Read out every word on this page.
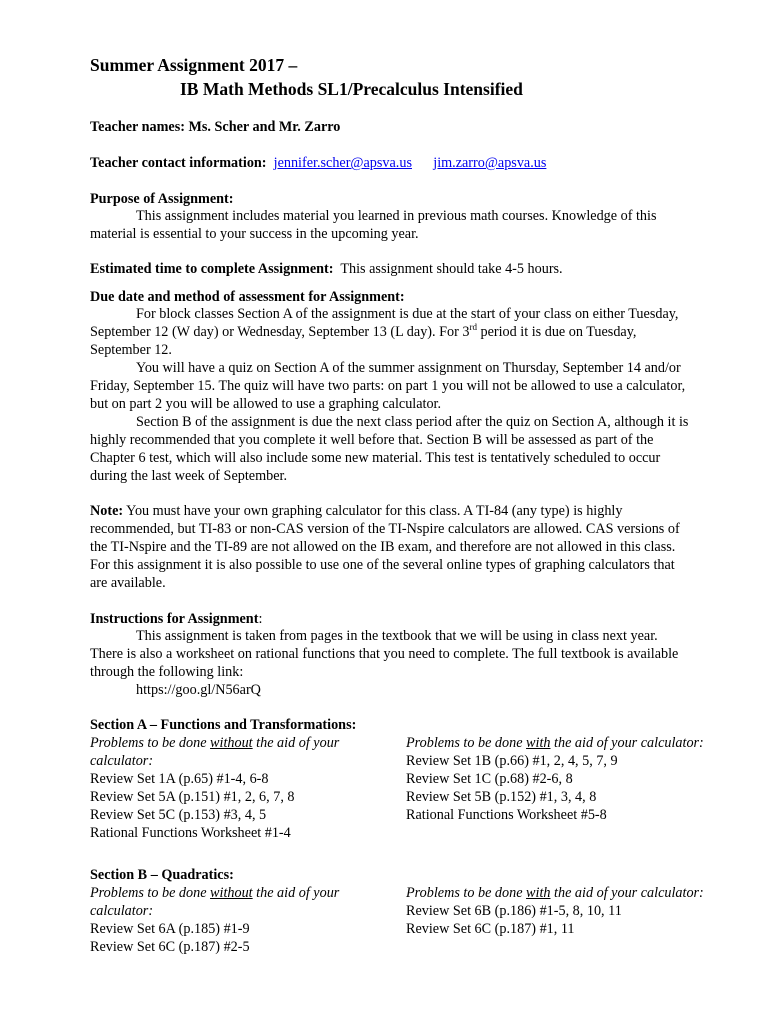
Summer Assignment 2017 –
IB Math Methods SL1/Precalculus Intensified
Teacher names: Ms. Scher and Mr. Zarro
Teacher contact information: jennifer.scher@apsva.us jim.zarro@apsva.us
Purpose of Assignment:

This assignment includes material you learned in previous math courses. Knowledge of this material is essential to your success in the upcoming year.

Estimated time to complete Assignment: This assignment should take 4-5 hours.
Due date and method of assessment for Assignment:

For block classes Section A of the assignment is due at the start of your class on either Tuesday, September 12 (W day) or Wednesday, September 13 (L day). For 3rd period it is due on Tuesday, September 12.

You will have a quiz on Section A of the summer assignment on Thursday, September 14 and/or Friday, September 15. The quiz will have two parts: on part 1 you will not be allowed to use a calculator, but on part 2 you will be allowed to use a graphing calculator.

Section B of the assignment is due the next class period after the quiz on Section A, although it is highly recommended that you complete it well before that. Section B will be assessed as part of the Chapter 6 test, which will also include some new material. This test is tentatively scheduled to occur during the last week of September.

Note: You must have your own graphing calculator for this class. A TI-84 (any type) is highly recommended, but TI-83 or non-CAS version of the TI-Nspire calculators are allowed. CAS versions of the TI-Nspire and the TI-89 are not allowed on the IB exam, and therefore are not allowed in this class. For this assignment it is also possible to use one of the several online types of graphing calculators that are available.

Instructions for Assignment:

This assignment is taken from pages in the textbook that we will be using in class next year. There is also a worksheet on rational functions that you need to complete. The full textbook is available through the following link:

https://goo.gl/N56arQ
Section A – Functions and Transformations:

Problems to be done without the aid of your calculator:

Review Set 1A (p.65) #1-4, 6-8

Review Set 5A (p.151) #1, 2, 6, 7, 8

Review Set 5C (p.153) #3, 4, 5

Rational Functions Worksheet #1-4

Problems to be done with the aid of your calculator:

Review Set 1B (p.66) #1, 2, 4, 5, 7, 9

Review Set 1C (p.68) #2-6, 8

Review Set 5B (p.152) #1, 3, 4, 8

Rational Functions Worksheet #5-8

Section B – Quadratics:

Problems to be done without the aid of your calculator:

Review Set 6A (p.185) #1-9

Review Set 6C (p.187) #2-5

Problems to be done with the aid of your calculator:

Review Set 6B (p.186) #1-5, 8, 10, 11

Review Set 6C (p.187) #1, 11
